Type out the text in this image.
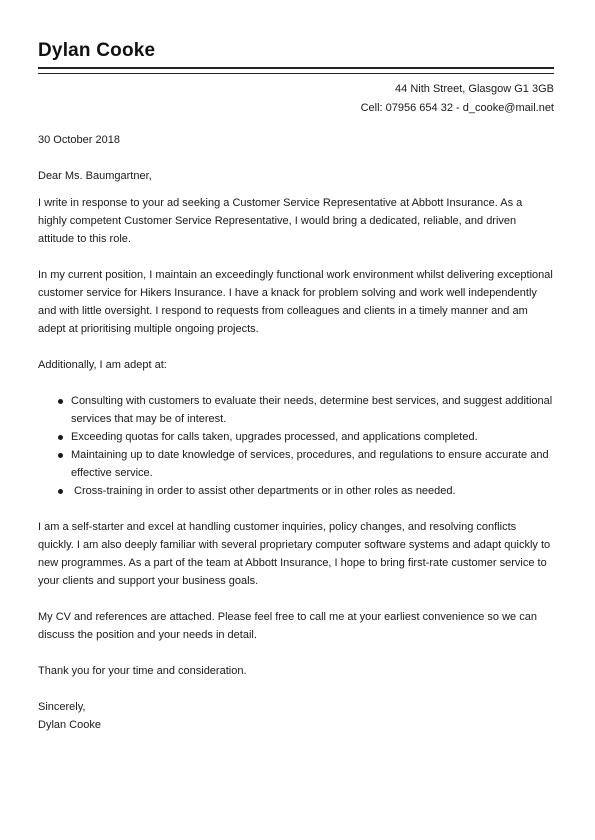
Dylan Cooke
44 Nith Street, Glasgow G1 3GB
Cell: 07956 654 32 - d_cooke@mail.net

30 October 2018

Dear Ms. Baumgartner,

I write in response to your ad seeking a Customer Service Representative at Abbott Insurance. As a highly competent Customer Service Representative, I would bring a dedicated, reliable, and driven attitude to this role.

In my current position, I maintain an exceedingly functional work environment whilst delivering exceptional customer service for Hikers Insurance. I have a knack for problem solving and work well independently and with little oversight. I respond to requests from colleagues and clients in a timely manner and am adept at prioritising multiple ongoing projects.

Additionally, I am adept at:

Consulting with customers to evaluate their needs, determine best services, and suggest additional services that may be of interest.
Exceeding quotas for calls taken, upgrades processed, and applications completed.
Maintaining up to date knowledge of services, procedures, and regulations to ensure accurate and effective service.
Cross-training in order to assist other departments or in other roles as needed.

I am a self-starter and excel at handling customer inquiries, policy changes, and resolving conflicts quickly. I am also deeply familiar with several proprietary computer software systems and adapt quickly to new programmes. As a part of the team at Abbott Insurance, I hope to bring first-rate customer service to your clients and support your business goals.

My CV and references are attached. Please feel free to call me at your earliest convenience so we can discuss the position and your needs in detail.

Thank you for your time and consideration.

Sincerely,

Dylan Cooke
